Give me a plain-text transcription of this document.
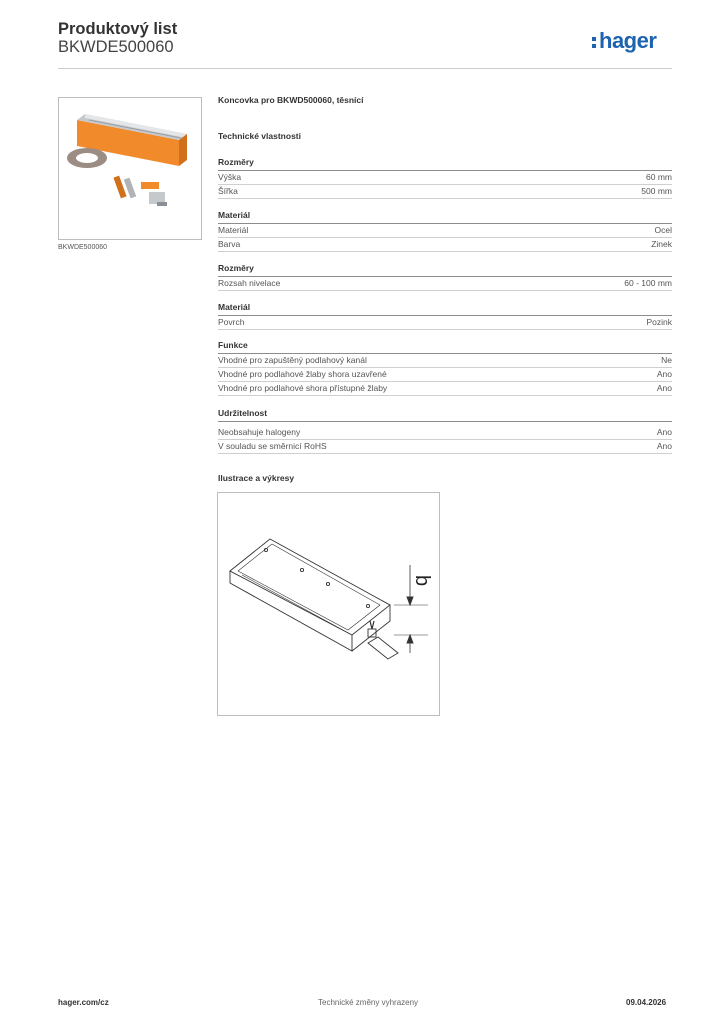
Produktový list
BKWDE500060	hager
BKWDE500060
Koncovka pro BKWD500060, těsnící
Technické vlastnosti
Rozměry
Výška	60 mm
Šířka	500 mm
Materiál
Materiál	Ocel
Barva	Zinek
Rozměry
Rozsah nivelace	60 - 100 mm
Materiál
Povrch	Pozink
Funkce
Vhodné pro zapuštěný podlahový kanál	Ne
Vhodné pro podlahové žlaby shora uzavřené	Ano
Vhodné pro podlahové shora přístupné žlaby	Ano
Udržitelnost
Neobsahuje halogeny	Ano
V souladu se směrnicí RoHS	Ano
Ilustrace a výkresy
b
hager.com/cz	Technické změny vyhrazeny	09.04.2026
